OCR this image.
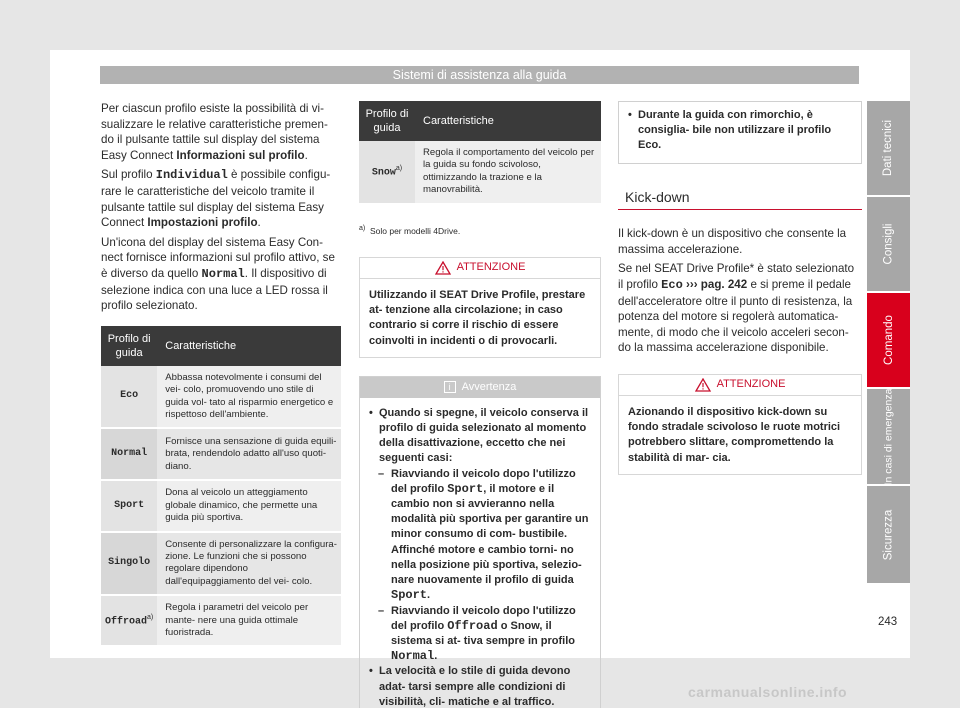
Sistemi di assistenza alla guida

Per ciascun profilo esiste la possibilità di vi- sualizzare le relative caratteristiche premen- do il pulsante tattile sul display del sistema Easy Connect Informazioni sul profilo.

Sul profilo Individual è possibile configu- rare le caratteristiche del veicolo tramite il pulsante tattile sul display del sistema Easy Connect Impostazioni profilo.

Un'icona del display del sistema Easy Con- nect fornisce informazioni sul profilo attivo, se è diverso da quello Normal. Il dispositivo di selezione indica con una luce a LED rossa il profilo selezionato.

Profilo di guida	Caratteristiche
Eco	Abbassa notevolmente i consumi del vei- colo, promuovendo uno stile di guida vol- tato al risparmio energetico e rispettoso dell'ambiente.
Normal	Fornisce una sensazione di guida equili- brata, rendendolo adatto all'uso quoti- diano.
Sport	Dona al veicolo un atteggiamento globale dinamico, che permette una guida più sportiva.
Singolo	Consente di personalizzare la configura- zione. Le funzioni che si possono regolare dipendono dall'equipaggiamento del vei- colo.
Offroad$^{a)}$	Regola i parametri del veicolo per mante- nere una guida ottimale fuoristrada.
Profilo di guida	Caratteristiche
Snow$^{a)}$	Regola il comportamento del veicolo per la guida su fondo scivoloso, ottimizzando la trazione e la manovrabilità.
$^{a)}$ Solo per modelli 4Drive.
ATTENZIONE
Utilizzando il SEAT Drive Profile, prestare at- tenzione alla circolazione; in caso contrario si corre il rischio di essere coinvolti in incidenti o di provocarli.
i	Avvertenza
• Quando si spegne, il veicolo conserva il profilo di guida selezionato al momento della disattivazione, eccetto che nei seguenti casi:
– Riavviando il veicolo dopo l'utilizzo del profilo Sport, il motore e il cambio non si avvieranno nella modalità più sportiva per garantire un minor consumo di com- bustibile. Affinché motore e cambio torni- no nella posizione più sportiva, selezio- nare nuovamente il profilo di guida Sport.
– Riavviando il veicolo dopo l'utilizzo del profilo Offroad o Snow, il sistema si at- tiva sempre in profilo Normal.
• La velocità e lo stile di guida devono adat- tarsi sempre alle condizioni di visibilità, cli- matiche e al traffico.
• Durante la guida con rimorchio, è consiglia- bile non utilizzare il profilo Eco.
Kick-down

Il kick-down è un dispositivo che consente la massima accelerazione.

Se nel SEAT Drive Profile* è stato selezionato il profilo Eco ››› pag. 242 e si preme il pedale dell'acceleratore oltre il punto di resistenza, la potenza del motore si regolerà automatica- mente, di modo che il veicolo acceleri secon- do la massima accelerazione disponibile.

ATTENZIONE
Azionando il dispositivo kick-down su fondo stradale scivoloso le ruote motrici potrebbero slittare, compromettendo la stabilità di mar- cia.
Dati tecnici
Consigli
Comando
In casi di emergenza
Sicurezza
243
carmanualsonline.info
